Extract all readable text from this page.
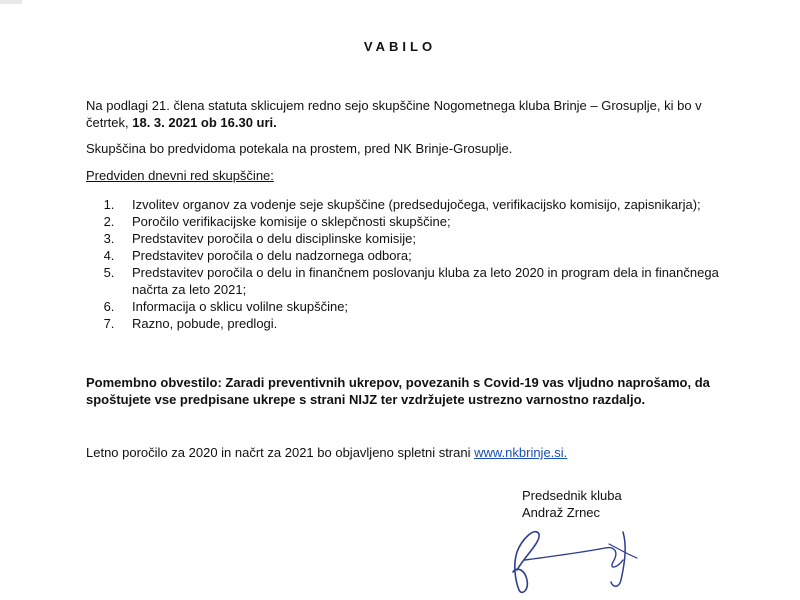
VABILO
Na podlagi 21. člena statuta sklicujem redno sejo skupščine Nogometnega kluba Brinje – Grosuplje, ki bo v četrtek, 18. 3. 2021 ob 16.30 uri.
Skupščina bo predvidoma potekala na prostem, pred NK Brinje-Grosuplje.
Predviden dnevni red skupščine:
1.	Izvolitev organov za vodenje seje skupščine (predsedujočega, verifikacijsko komisijo, zapisnikarja);
2.	Poročilo verifikacijske komisije o sklepčnosti skupščine;
3.	Predstavitev poročila o delu disciplinske komisije;
4.	Predstavitev poročila o delu nadzornega odbora;
5.	Predstavitev poročila o delu in finančnem poslovanju kluba za leto 2020 in program dela in finančnega načrta za leto 2021;
6.	Informacija o sklicu volilne skupščine;
7.	Razno, pobude, predlogi.
Pomembno obvestilo: Zaradi preventivnih ukrepov, povezanih s Covid-19 vas vljudno naprošamo, da spoštujete vse predpisane ukrepe s strani NIJZ ter vzdržujete ustrezno varnostno razdaljo.
Letno poročilo za 2020 in načrt za 2021 bo objavljeno spletni strani www.nkbrinje.si.
Predsednik kluba
Andraž Zrnec
